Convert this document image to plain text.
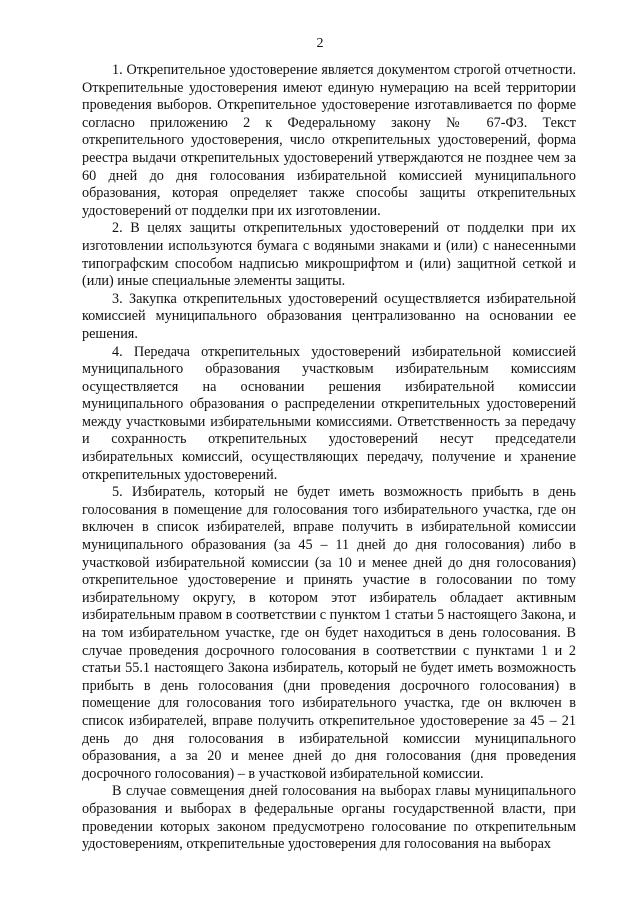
2

1. Открепительное удостоверение является документом строгой отчетности. Открепительные удостоверения имеют единую нумерацию на всей территории проведения выборов. Открепительное удостоверение изготавливается по форме согласно приложению 2 к Федеральному закону № 67-ФЗ. Текст открепительного удостоверения, число открепительных удостоверений, форма реестра выдачи открепительных удостоверений утверждаются не позднее чем за 60 дней до дня голосования избирательной комиссией муниципального образования, которая определяет также способы защиты открепительных удостоверений от подделки при их изготовлении.

2. В целях защиты открепительных удостоверений от подделки при их изготовлении используются бумага с водяными знаками и (или) с нанесенными типографским способом надписью микрошрифтом и (или) защитной сеткой и (или) иные специальные элементы защиты.

3. Закупка открепительных удостоверений осуществляется избирательной комиссией муниципального образования централизованно на основании ее решения.

4. Передача открепительных удостоверений избирательной комиссией муниципального образования участковым избирательным комиссиям осуществляется на основании решения избирательной комиссии муниципального образования о распределении открепительных удостоверений между участковыми избирательными комиссиями. Ответственность за передачу и сохранность открепительных удостоверений несут председатели избирательных комиссий, осуществляющих передачу, получение и хранение открепительных удостоверений.

5. Избиратель, который не будет иметь возможность прибыть в день голосования в помещение для голосования того избирательного участка, где он включен в список избирателей, вправе получить в избирательной комиссии муниципального образования (за 45 – 11 дней до дня голосования) либо в участковой избирательной комиссии (за 10 и менее дней до дня голосования) открепительное удостоверение и принять участие в голосовании по тому избирательному округу, в котором этот избиратель обладает активным избирательным правом в соответствии с пунктом 1 статьи 5 настоящего Закона, и на том избирательном участке, где он будет находиться в день голосования. В случае проведения досрочного голосования в соответствии с пунктами 1 и 2 статьи 55.1 настоящего Закона избиратель, который не будет иметь возможность прибыть в день голосования (дни проведения досрочного голосования) в помещение для голосования того избирательного участка, где он включен в список избирателей, вправе получить открепительное удостоверение за 45 – 21 день до дня голосования в избирательной комиссии муниципального образования, а за 20 и менее дней до дня голосования (дня проведения досрочного голосования) – в участковой избирательной комиссии.

В случае совмещения дней голосования на выборах главы муниципального образования и выборах в федеральные органы государственной власти, при проведении которых законом предусмотрено голосование по открепительным удостоверениям, открепительные удостоверения для голосования на выборах
